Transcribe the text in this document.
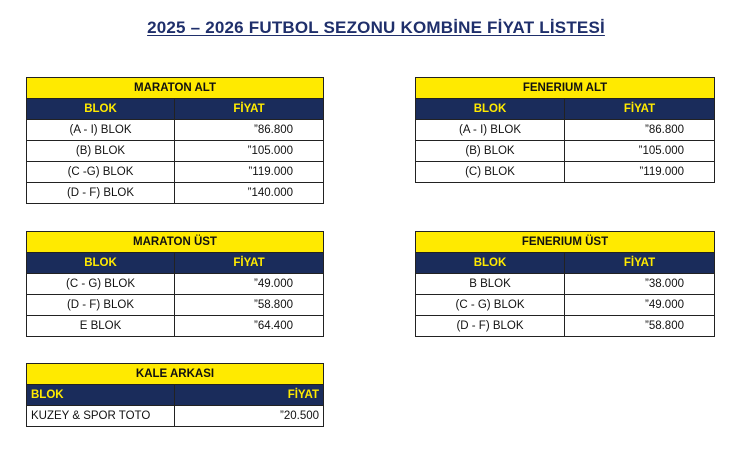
2025 – 2026 FUTBOL SEZONU KOMBİNE FİYAT LİSTESİ
MARATON ALT	
BLOK	FİYAT
(A - I) BLOK	”86.800
(B) BLOK	”105.000
(C -G) BLOK	”119.000
(D - F) BLOK	”140.000
FENERIUM ALT	
BLOK	FİYAT
(A - I) BLOK	”86.800
(B) BLOK	”105.000
(C) BLOK	”119.000
MARATON ÜST	
BLOK	FİYAT
(C - G) BLOK	”49.000
(D - F) BLOK	”58.800
E BLOK	”64.400
FENERIUM ÜST	
BLOK	FİYAT
B BLOK	”38.000
(C - G) BLOK	”49.000
(D - F) BLOK	”58.800
KALE ARKASI	
BLOK	FİYAT
KUZEY & SPOR TOTO	”20.500
